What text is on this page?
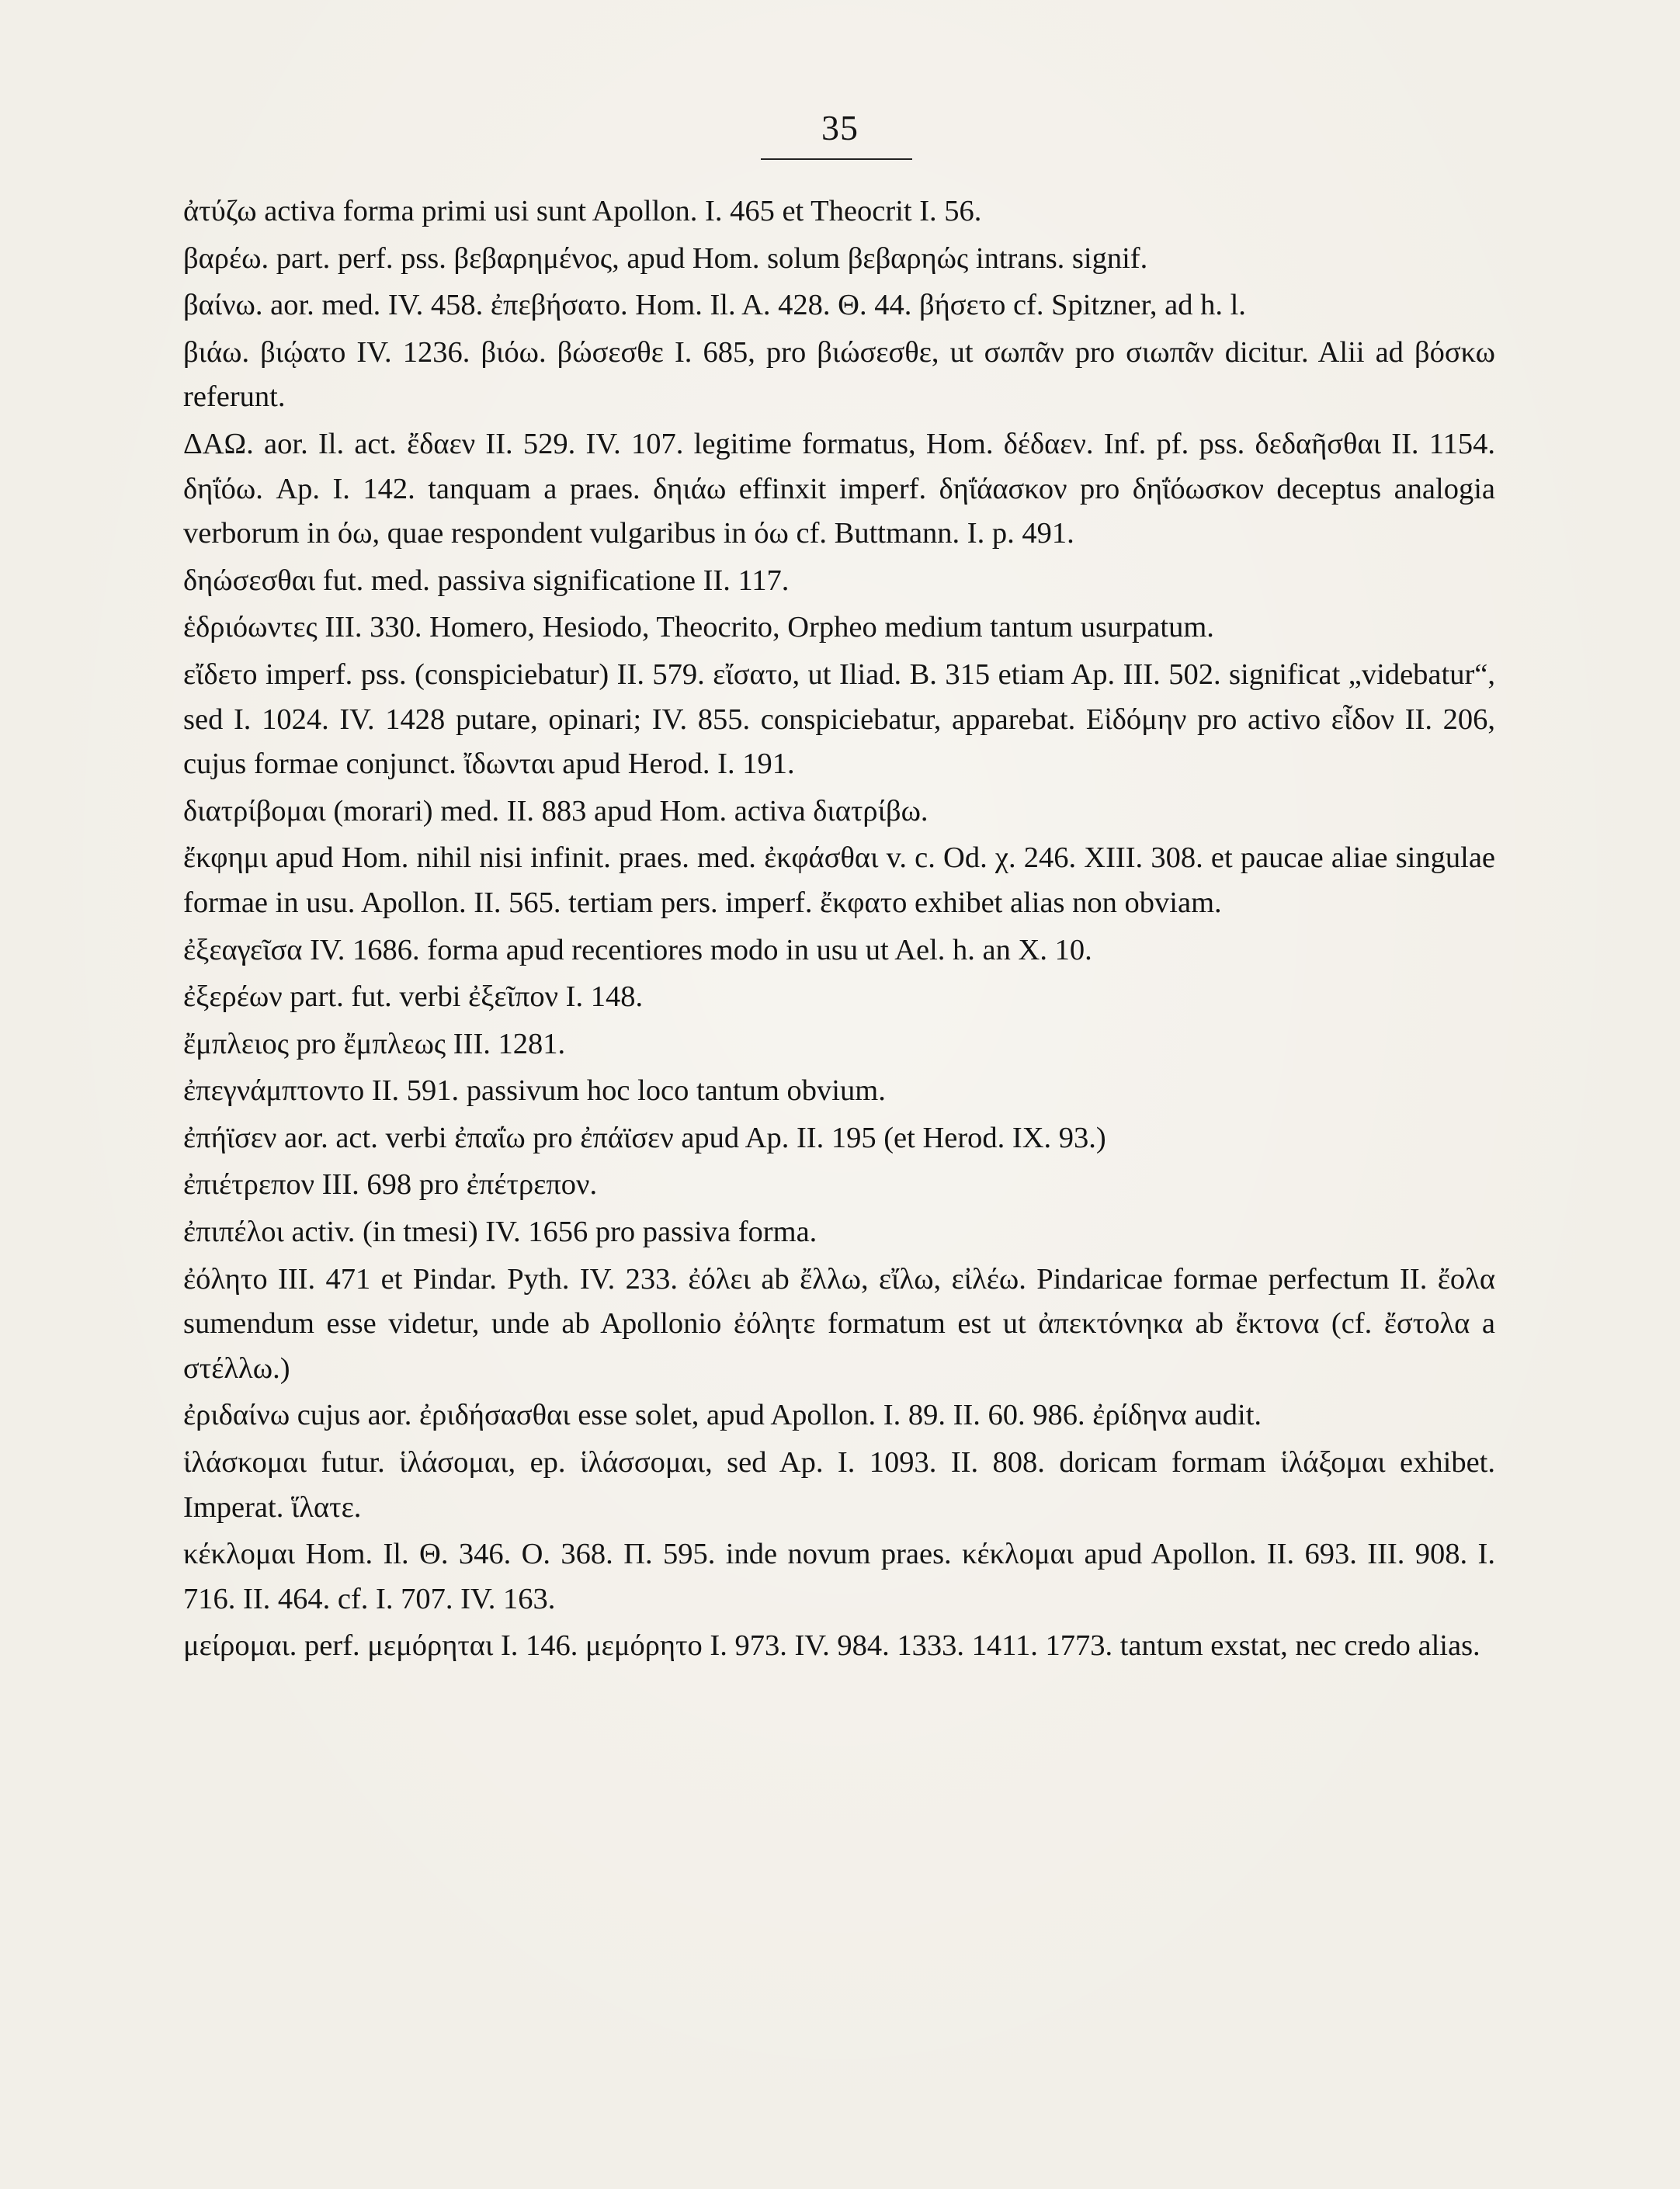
35

ἀτύζω activa forma primi usi sunt Apollon. I. 465 et Theocrit I. 56.

βαρέω. part. perf. pss. βεβαρημένος, apud Hom. solum βεβαρηώς intrans. signif.

βαίνω. aor. med. IV. 458. ἐπεβήσατο. Hom. Il. A. 428. Θ. 44. βήσετο cf. Spitzner, ad h. l.

βιάω. βιῴατο IV. 1236. βιόω. βώσεσθε I. 685, pro βιώσεσθε, ut σωπᾶν pro σιωπᾶν dicitur. Alii ad βόσκω referunt.

ΔΑΩ. aor. Il. act. ἔδαεν II. 529. IV. 107. legitime formatus, Hom. δέδαεν. Inf. pf. pss. δεδαῆσθαι II. 1154. δηΐόω. Ap. I. 142. tanquam a praes. δηιάω effinxit imperf. δηΐάασκον pro δηΐόωσκον deceptus analogia verborum in όω, quae respondent vulgaribus in όω cf. Buttmann. I. p. 491.

δηώσεσθαι fut. med. passiva significatione II. 117.

ἑδριόωντες III. 330. Homero, Hesiodo, Theocrito, Orpheo medium tantum usurpatum.

εἴδετο imperf. pss. (conspiciebatur) II. 579. εἴσατο, ut Iliad. B. 315 etiam Ap. III. 502. significat „videbatur“, sed I. 1024. IV. 1428 putare, opinari; IV. 855. conspiciebatur, apparebat. Εἰδόμην pro activo εἶδον II. 206, cujus formae conjunct. ἴδωνται apud Herod. I. 191.

διατρίβομαι (morari) med. II. 883 apud Hom. activa διατρίβω.

ἔκφημι apud Hom. nihil nisi infinit. praes. med. ἐκφάσθαι v. c. Od. χ. 246. XIII. 308. et paucae aliae singulae formae in usu. Apollon. II. 565. tertiam pers. imperf. ἔκφατο exhibet alias non obviam.

ἐξεαγεῖσα IV. 1686. forma apud recentiores modo in usu ut Ael. h. an X. 10.

ἐξερέων part. fut. verbi ἐξεῖπον I. 148.

ἔμπλειος pro ἔμπλεως III. 1281.

ἐπεγνάμπτοντο II. 591. passivum hoc loco tantum obvium.

ἐπήϊσεν aor. act. verbi ἐπαΐω pro ἐπάϊσεν apud Ap. II. 195 (et Herod. IX. 93.)

ἐπιέτρεπον III. 698 pro ἐπέτρεπον.

ἐπιπέλοι activ. (in tmesi) IV. 1656 pro passiva forma.

ἐόλητο III. 471 et Pindar. Pyth. IV. 233. ἐόλει ab ἔλλω, εἴλω, εἰλέω. Pindaricae formae perfectum II. ἔολα sumendum esse videtur, unde ab Apollonio ἐόλητε formatum est ut ἀπεκτόνηκα ab ἔκτονα (cf. ἔστολα a στέλλω.)

ἐριδαίνω cujus aor. ἐριδήσασθαι esse solet, apud Apollon. I. 89. II. 60. 986. ἐρίδηνα audit.

ἱλάσκομαι futur. ἱλάσομαι, ep. ἱλάσσομαι, sed Ap. I. 1093. II. 808. doricam formam ἱλάξομαι exhibet. Imperat. ἵλατε.

κέκλομαι Hom. Il. Θ. 346. O. 368. Π. 595. inde novum praes. κέκλομαι apud Apollon. II. 693. III. 908. I. 716. II. 464. cf. I. 707. IV. 163.

μείρομαι. perf. μεμόρηται I. 146. μεμόρητο I. 973. IV. 984. 1333. 1411. 1773. tantum exstat, nec credo alias.
